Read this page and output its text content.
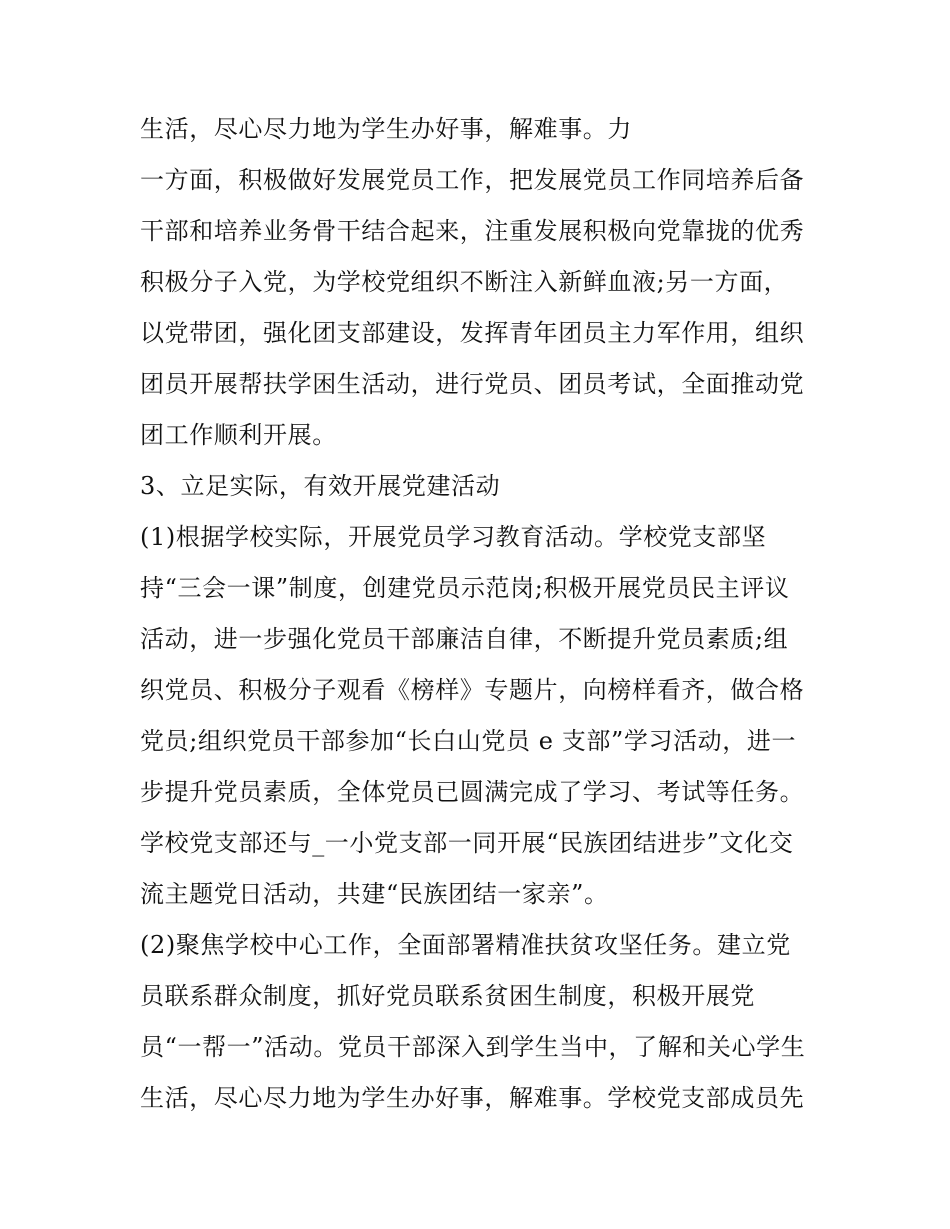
生活，尽心尽力地为学生办好事，解难事。力
一方面，积极做好发展党员工作，把发展党员工作同培养后备
干部和培养业务骨干结合起来，注重发展积极向党靠拢的优秀
积极分子入党，为学校党组织不断注入新鲜血液;另一方面，
以党带团，强化团支部建设，发挥青年团员主力军作用，组织
团员开展帮扶学困生活动，进行党员、团员考试，全面推动党
团工作顺利开展。
3、立足实际，有效开展党建活动
(1)根据学校实际，开展党员学习教育活动。学校党支部坚
持“三会一课”制度，创建党员示范岗;积极开展党员民主评议
活动，进一步强化党员干部廉洁自律，不断提升党员素质;组
织党员、积极分子观看《榜样》专题片，向榜样看齐，做合格
党员;组织党员干部参加“长白山党员 e 支部”学习活动，进一
步提升党员素质，全体党员已圆满完成了学习、考试等任务。
学校党支部还与_一小党支部一同开展“民族团结进步”文化交
流主题党日活动，共建“民族团结一家亲”。
(2)聚焦学校中心工作，全面部署精准扶贫攻坚任务。建立党
员联系群众制度，抓好党员联系贫困生制度，积极开展党
员“一帮一”活动。党员干部深入到学生当中，了解和关心学生
生活，尽心尽力地为学生办好事，解难事。学校党支部成员先
